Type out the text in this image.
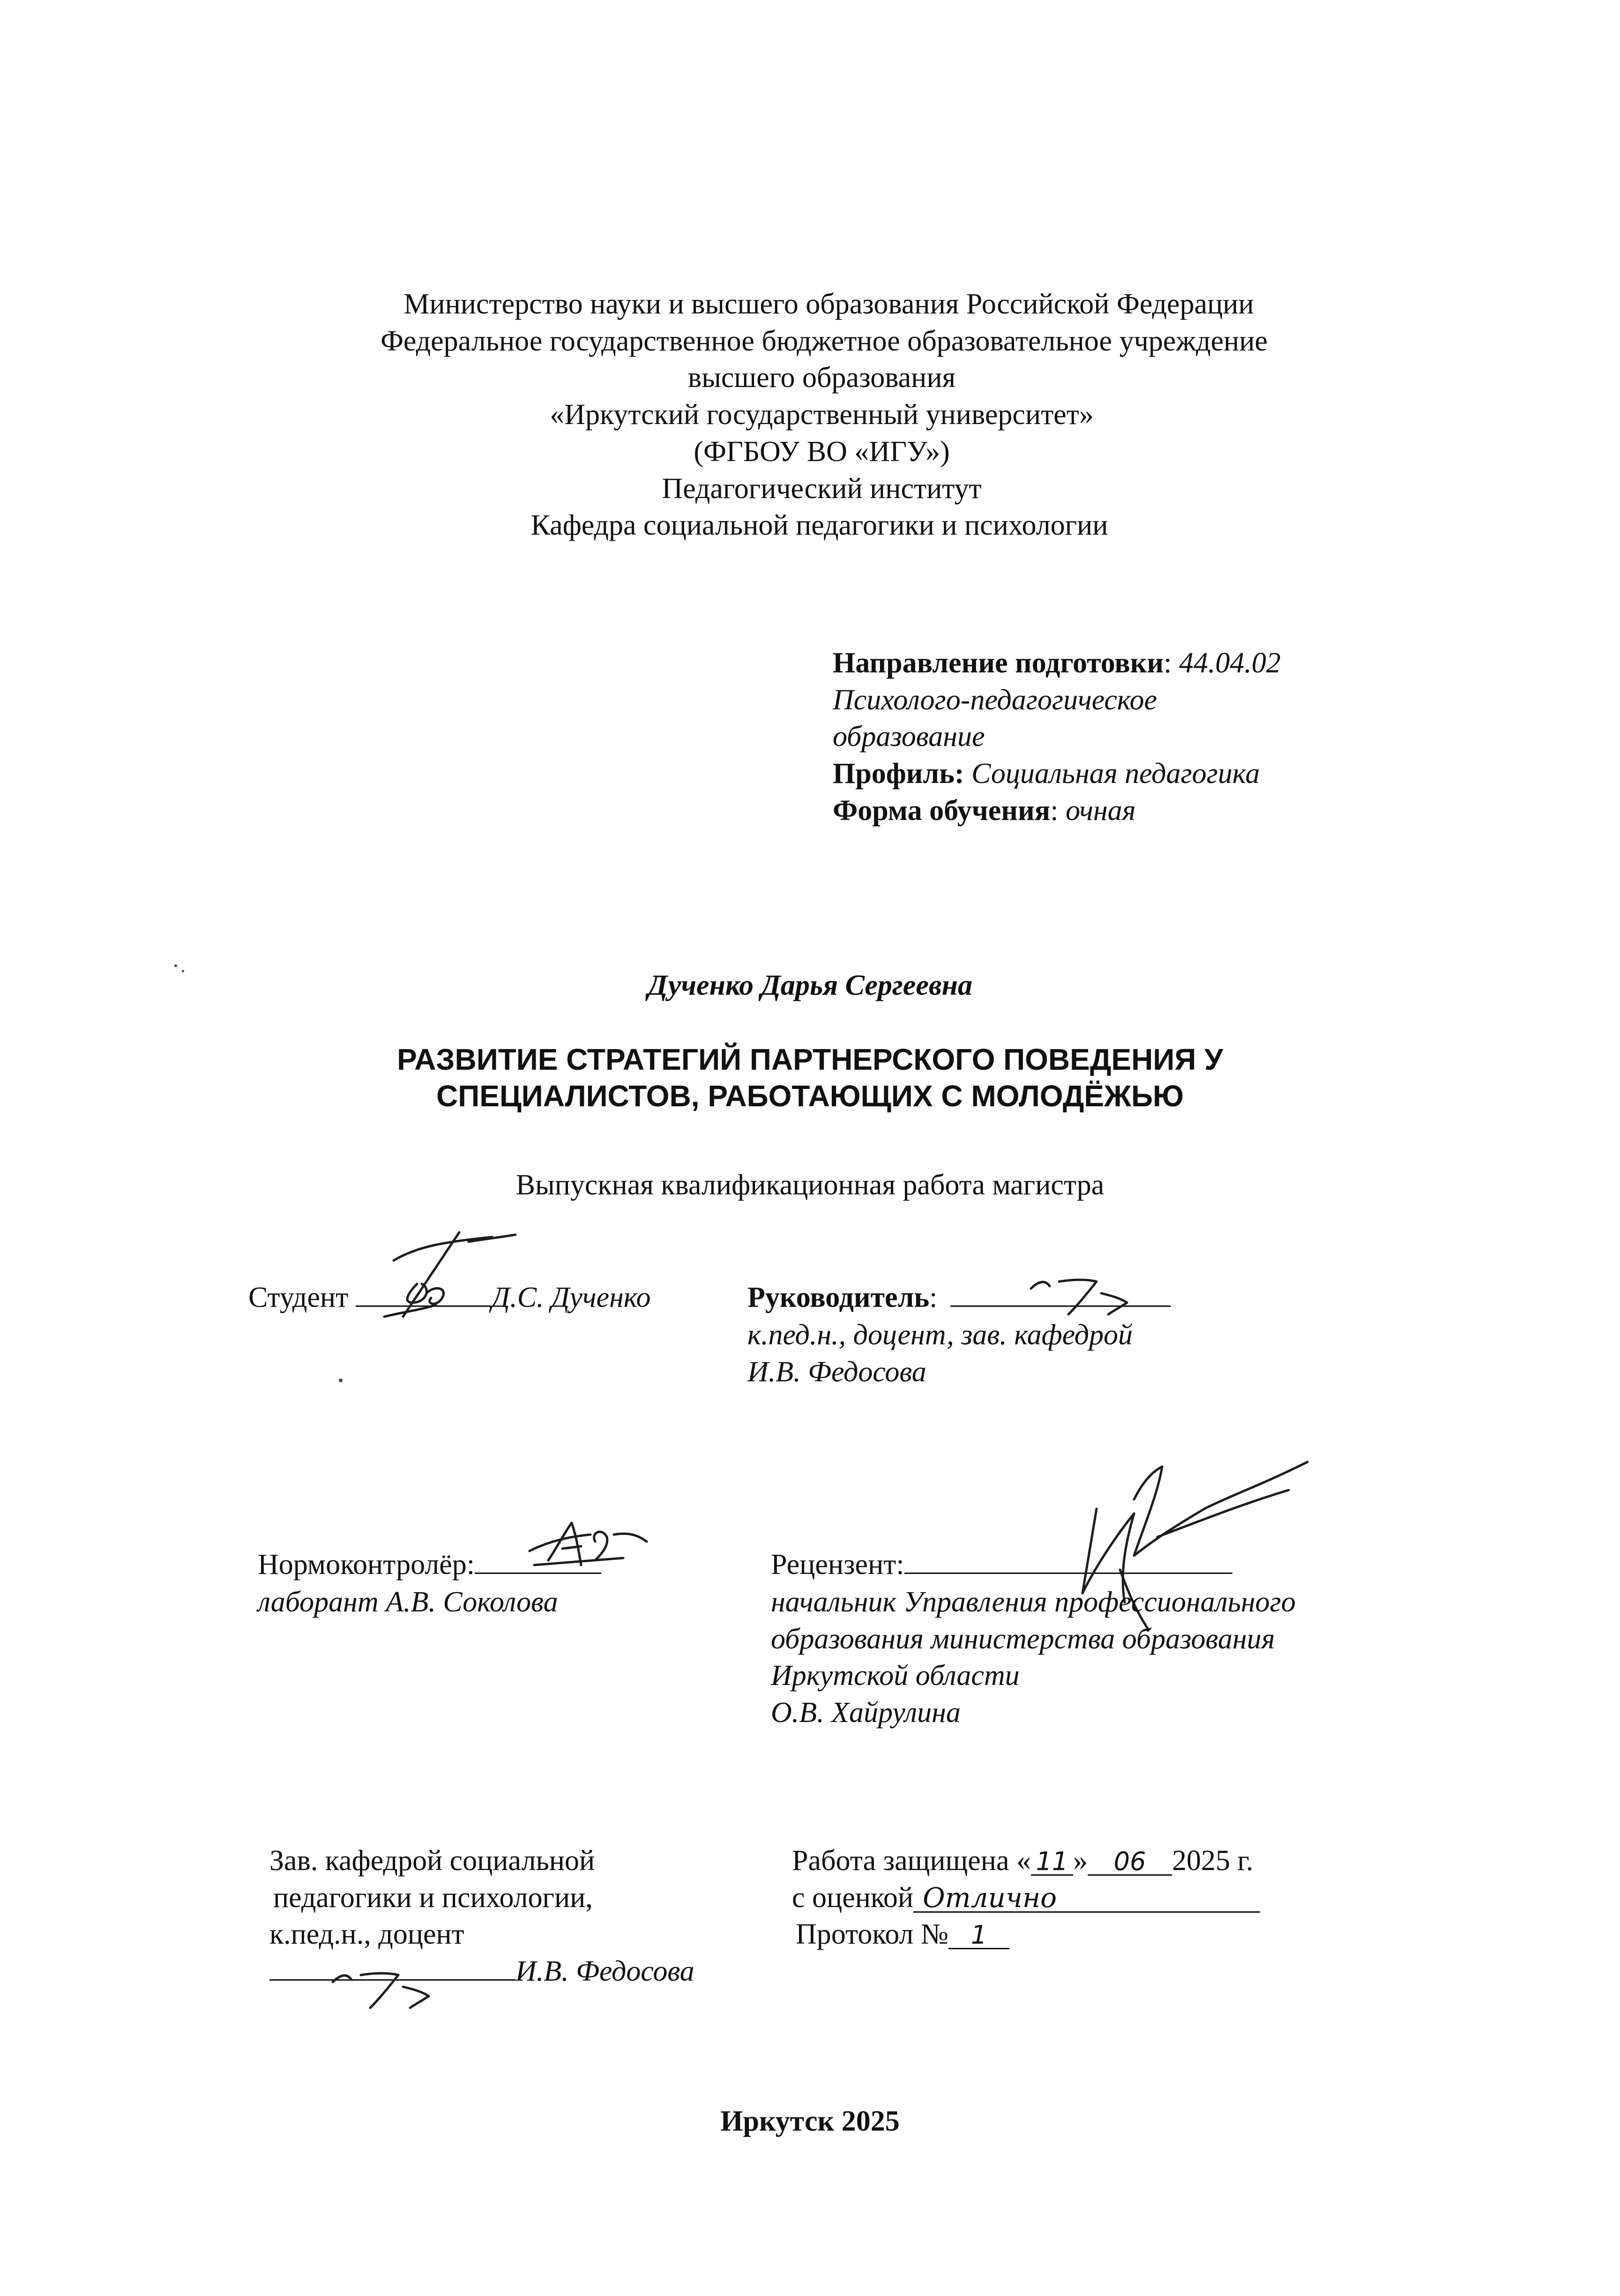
Министерство науки и высшего образования Российской Федерации
Федеральное государственное бюджетное образовательное учреждение
высшего образования
«Иркутский государственный университет»
(ФГБОУ ВО «ИГУ»)
Педагогический институт
Кафедра социальной педагогики и психологии
Направление подготовки: 44.04.02
Психолого-педагогическое
образование
Профиль: Социальная педагогика
Форма обучения: очная
Дученко Дарья Сергеевна
РАЗВИТИЕ СТРАТЕГИЙ ПАРТНЕРСКОГО ПОВЕДЕНИЯ У
СПЕЦИАЛИСТОВ, РАБОТАЮЩИХ С МОЛОДЁЖЬЮ
Выпускная квалификационная работа магистра
Студент	Д.С. Дученко	Руководитель:
к.пед.н., доцент, зав. кафедрой
И.В. Федосова
Нормоконтролёр:
лаборант А.В. Соколова
Рецензент:
начальник Управления профессионального
образования министерства образования
Иркутской области
О.В. Хайрулина
Зав. кафедрой социальной
педагогики и психологии,
к.пед.н., доцент
И.В. Федосова
Работа защищена « 11 » 06 2025 г.
с оценкой Отлично
Протокол № 1
Иркутск 2025
